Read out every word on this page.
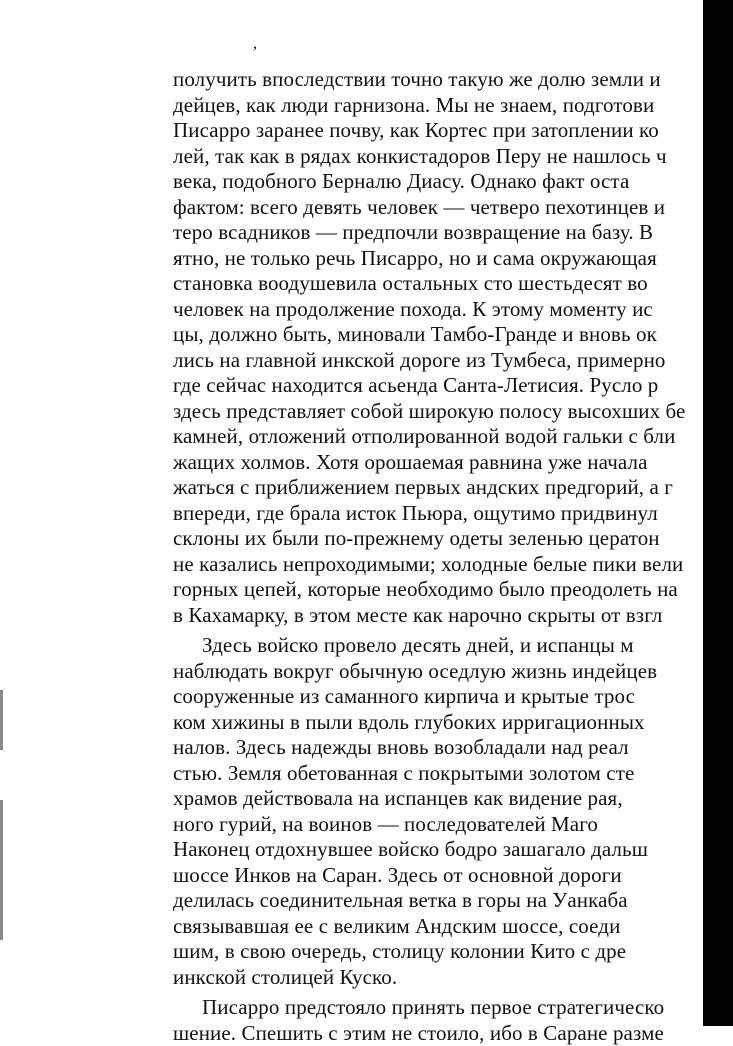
,
получить впоследствии точно такую же долю земли и
дейцев, как люди гарнизона. Мы не знаем, подготови
Писарро заранее почву, как Кортес при затоплении ко
лей, так как в рядах конкистадоров Перу не нашлось ч
века, подобного Берналю Диасу. Однако факт оста
фактом: всего девять человек — четверо пехотинцев и
теро всадников — предпочли возвращение на базу. В
ятно, не только речь Писарро, но и сама окружающая
становка воодушевила остальных сто шестьдесят во
человек на продолжение похода. К этому моменту ис
цы, должно быть, миновали Тамбо-Гранде и вновь ок
лись на главной инкской дороге из Тумбеса, примерно
где сейчас находится асьенда Санта-Летисия. Русло р
здесь представляет собой широкую полосу высохших бе
камней, отложений отполированной водой гальки с бли
жащих холмов. Хотя орошаемая равнина уже начала
жаться с приближением первых андских предгорий, а г
впереди, где брала исток Пьюра, ощутимо придвинул
склоны их были по-прежнему одеты зеленью цератон
не казались непроходимыми; холодные белые пики вели
горных цепей, которые необходимо было преодолеть на
в Кахамарку, в этом месте как нарочно скрыты от взгл
Здесь войско провело десять дней, и испанцы м
наблюдать вокруг обычную оседлую жизнь индейцев
сооруженные из саманного кирпича и крытые трос
ком хижины в пыли вдоль глубоких ирригационных
налов. Здесь надежды вновь возобладали над реал
стью. Земля обетованная с покрытыми золотом сте
храмов действовала на испанцев как видение рая,
ного гурий, на воинов — последователей Маго
Наконец отдохнувшее войско бодро зашагало дальш
шоссе Инков на Саран. Здесь от основной дороги
делилась соединительная ветка в горы на Уанкаба
связывавшая ее с великим Андским шоссе, соеди
шим, в свою очередь, столицу колонии Кито с дре
инкской столицей Куско.
Писарро предстояло принять первое стратегическо
шение. Спешить с этим не стоило, ибо в Саране разме
